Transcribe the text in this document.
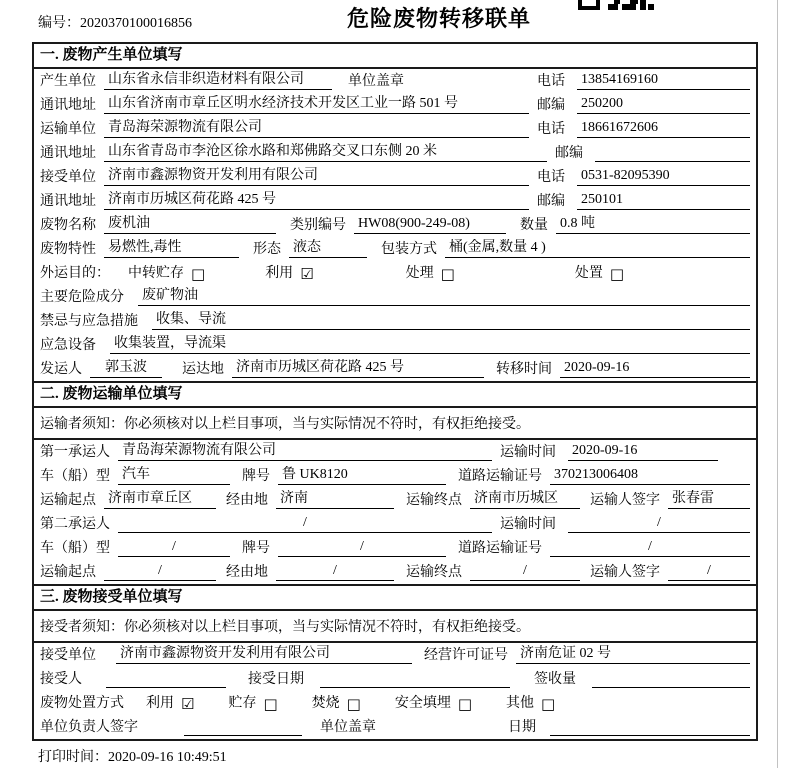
编号：2020370100016856	危险废物转移联单
一. 废物产生单位填写
产生单位 山东省永信非织造材料有限公司	单位盖章	电话 13854169160
通讯地址 山东省济南市章丘区明水经济技术开发区工业一路 501 号	邮编 250200
运输单位 青岛海荣源物流有限公司	电话 18661672606
通讯地址 山东省青岛市李沧区徐水路和郑佛路交叉口东侧 20 米	邮编
接受单位 济南市鑫源物资开发利用有限公司	电话 0531-82095390
通讯地址 济南市历城区荷花路 425 号	邮编 250101
废物名称 废机油	类别编号 HW08(900-249-08)	数量 0.8 吨
废物特性 易燃性,毒性	形态 液态	包装方式 桶(金属,数量 4 )
外运目的： 中转贮存 □	利用 ☑	处理 □	处置 □
主要危险成分 废矿物油
禁忌与应急措施 收集、导流
应急设备 收集装置，导流渠
发运人	郭玉波	运达地 济南市历城区荷花路 425 号	转移时间 2020-09-16
二. 废物运输单位填写
运输者须知：你必须核对以上栏目事项，当与实际情况不符时，有权拒绝接受。
第一承运人 青岛海荣源物流有限公司	运输时间 2020-09-16
车（船）型 汽车	牌号 鲁 UK8120	道路运输证号 370213006408
运输起点 济南市章丘区	经由地 济南	运输终点 济南市历城区	运输人签字 张春雷
第二承运人	/	运输时间	/
车（船）型	/	牌号	/	道路运输证号	/
运输起点	/	经由地	/	运输终点	/	运输人签字	/
三. 废物接受单位填写
接受者须知：你必须核对以上栏目事项，当与实际情况不符时，有权拒绝接受。
接受单位 济南市鑫源物资开发利用有限公司	经营许可证号 济南危证 02 号
接受人	接受日期	签收量
废物处置方式 利用 ☑ 贮存 □ 焚烧 □ 安全填埋 □ 其他 □
单位负责人签字	单位盖章	日期
打印时间：2020-09-16 10:49:51
